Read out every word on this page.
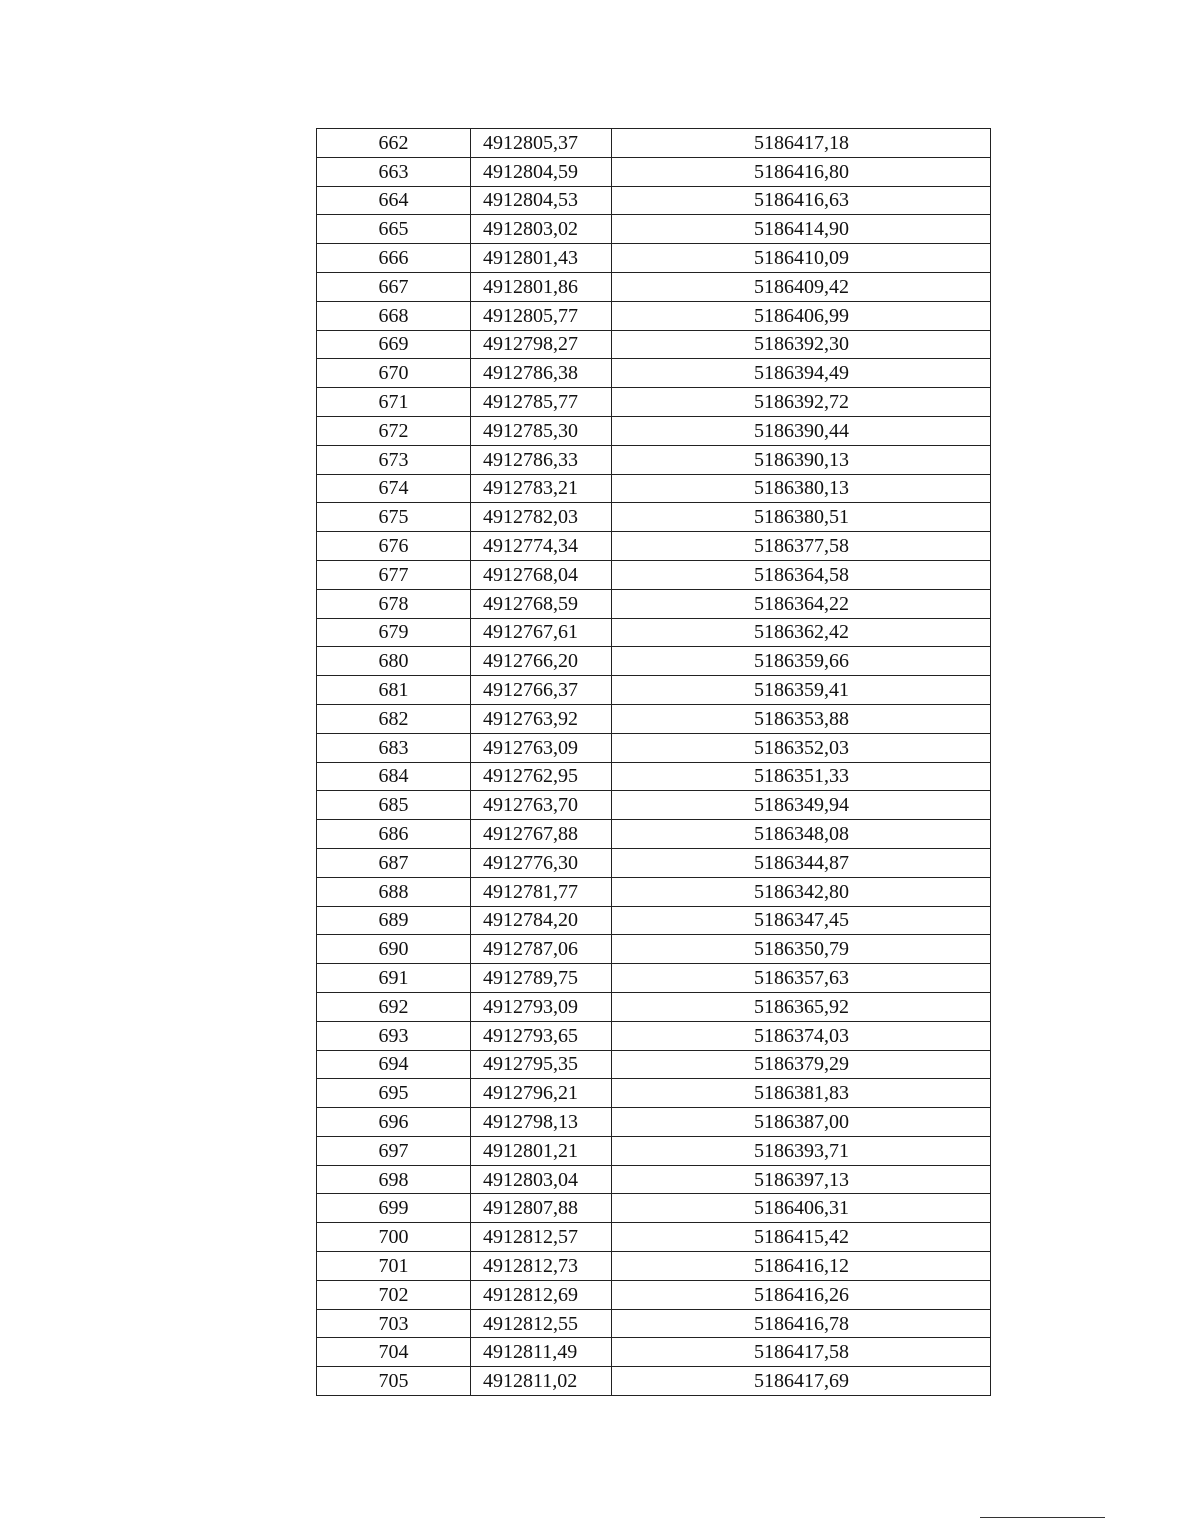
662	4912805,37	5186417,18
663	4912804,59	5186416,80
664	4912804,53	5186416,63
665	4912803,02	5186414,90
666	4912801,43	5186410,09
667	4912801,86	5186409,42
668	4912805,77	5186406,99
669	4912798,27	5186392,30
670	4912786,38	5186394,49
671	4912785,77	5186392,72
672	4912785,30	5186390,44
673	4912786,33	5186390,13
674	4912783,21	5186380,13
675	4912782,03	5186380,51
676	4912774,34	5186377,58
677	4912768,04	5186364,58
678	4912768,59	5186364,22
679	4912767,61	5186362,42
680	4912766,20	5186359,66
681	4912766,37	5186359,41
682	4912763,92	5186353,88
683	4912763,09	5186352,03
684	4912762,95	5186351,33
685	4912763,70	5186349,94
686	4912767,88	5186348,08
687	4912776,30	5186344,87
688	4912781,77	5186342,80
689	4912784,20	5186347,45
690	4912787,06	5186350,79
691	4912789,75	5186357,63
692	4912793,09	5186365,92
693	4912793,65	5186374,03
694	4912795,35	5186379,29
695	4912796,21	5186381,83
696	4912798,13	5186387,00
697	4912801,21	5186393,71
698	4912803,04	5186397,13
699	4912807,88	5186406,31
700	4912812,57	5186415,42
701	4912812,73	5186416,12
702	4912812,69	5186416,26
703	4912812,55	5186416,78
704	4912811,49	5186417,58
705	4912811,02	5186417,69
